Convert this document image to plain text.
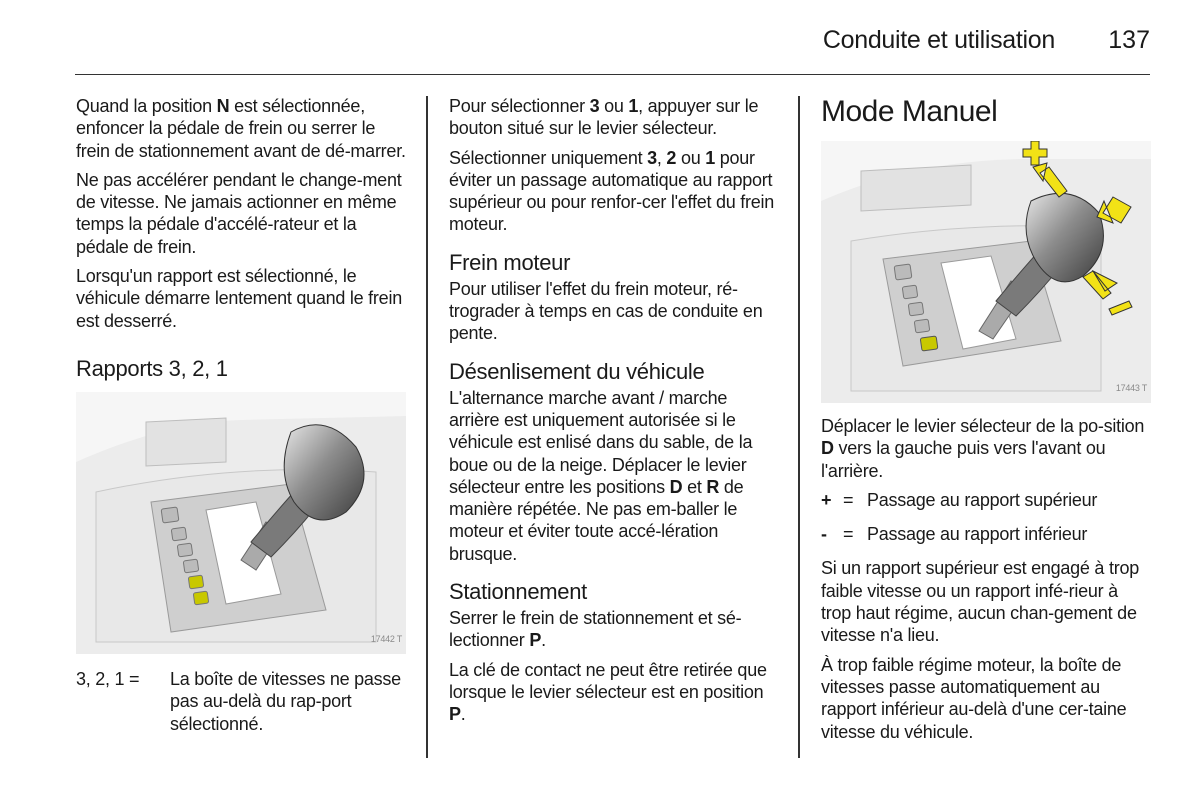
Conduite et utilisation 137

Quand la position N est sélectionnée, enfoncer la pédale de frein ou serrer le frein de stationnement avant de dé-marrer.

Ne pas accélérer pendant le change-ment de vitesse. Ne jamais actionner en même temps la pédale d'accélé-rateur et la pédale de frein.

Lorsqu'un rapport est sélectionné, le véhicule démarre lentement quand le frein est desserré.

Rapports 3, 2, 1
17442 T
3, 2, 1 =	La boîte de vitesses ne passe pas au-delà du rap-port sélectionné.

Pour sélectionner 3 ou 1, appuyer sur le bouton situé sur le levier sélecteur.

Sélectionner uniquement 3, 2 ou 1 pour éviter un passage automatique au rapport supérieur ou pour renfor-cer l'effet du frein moteur.

Frein moteur

Pour utiliser l'effet du frein moteur, ré-trograder à temps en cas de conduite en pente.

Désenlisement du véhicule

L'alternance marche avant / marche arrière est uniquement autorisée si le véhicule est enlisé dans du sable, de la boue ou de la neige. Déplacer le levier sélecteur entre les positions D et R de manière répétée. Ne pas em-baller le moteur et éviter toute accé-lération brusque.

Stationnement

Serrer le frein de stationnement et sé-lectionner P.

La clé de contact ne peut être retirée que lorsque le levier sélecteur est en position P.

Mode Manuel
17443 T

Déplacer le levier sélecteur de la po-sition D vers la gauche puis vers l'avant ou l'arrière.

+ = Passage au rapport supérieur
- = Passage au rapport inférieur

Si un rapport supérieur est engagé à trop faible vitesse ou un rapport infé-rieur à trop haut régime, aucun chan-gement de vitesse n'a lieu.

À trop faible régime moteur, la boîte de vitesses passe automatiquement au rapport inférieur au-delà d'une cer-taine vitesse du véhicule.
